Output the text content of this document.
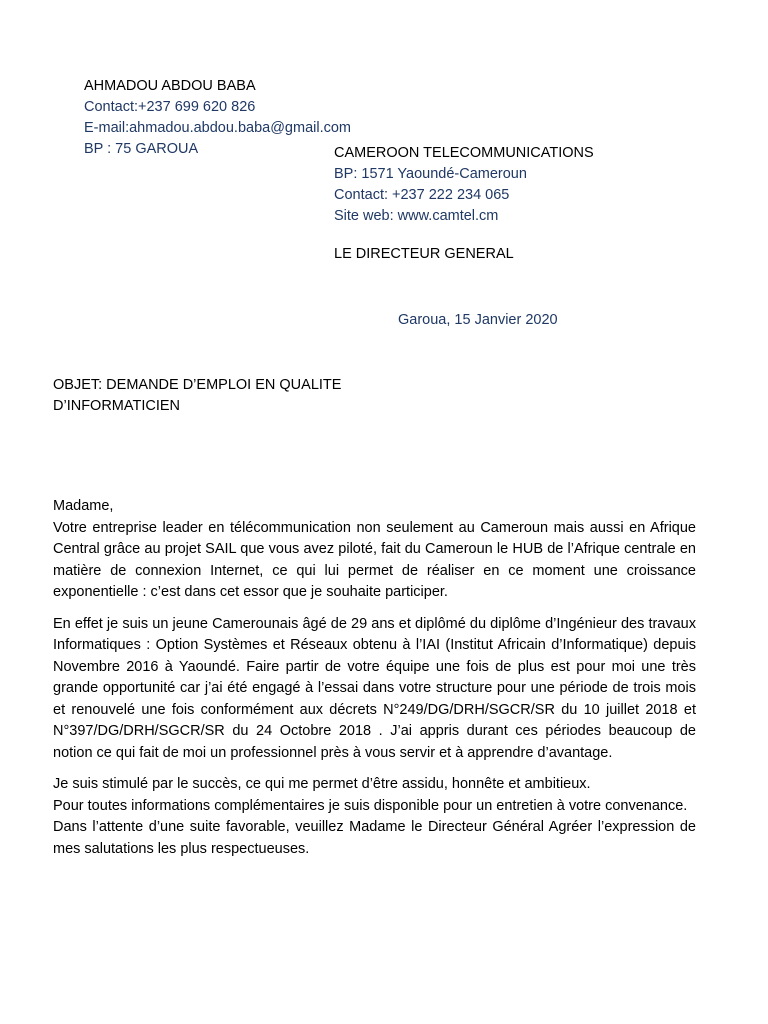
AHMADOU ABDOU BABA
Contact:+237 699 620 826
E-mail:ahmadou.abdou.baba@gmail.com
BP : 75 GAROUA	CAMEROON TELECOMMUNICATIONS
BP: 1571 Yaoundé-Cameroun
Contact: +237 222 234 065
Site web: www.camtel.cm
LE DIRECTEUR GENERAL
Garoua, 15 Janvier 2020
OBJET: DEMANDE D’EMPLOI EN QUALITE
D’INFORMATICIEN

Madame,

Votre entreprise leader en télécommunication non seulement au Cameroun mais aussi en Afrique Central grâce au projet SAIL que vous avez piloté, fait du Cameroun le HUB de l’Afrique centrale en matière de connexion Internet, ce qui lui permet de réaliser en ce moment une croissance exponentielle : c’est dans cet essor que je souhaite participer.

En effet je suis un jeune Camerounais âgé de 29 ans et diplômé du diplôme d’Ingénieur des travaux Informatiques : Option Systèmes et Réseaux obtenu à l’IAI (Institut Africain d’Informatique) depuis Novembre 2016 à Yaoundé. Faire partir de votre équipe une fois de plus est pour moi une très grande opportunité car j’ai été engagé à l’essai dans votre structure pour une période de trois mois et renouvelé une fois conformément aux décrets N°249/DG/DRH/SGCR/SR du 10 juillet 2018 et N°397/DG/DRH/SGCR/SR du 24 Octobre 2018 . J’ai appris durant ces périodes beaucoup de notion ce qui fait de moi un professionnel près à vous servir et à apprendre d’avantage.

Je suis stimulé par le succès, ce qui me permet d’être assidu, honnête et ambitieux.

Pour toutes informations complémentaires je suis disponible pour un entretien à votre convenance.

Dans l’attente d’une suite favorable, veuillez Madame le Directeur Général Agréer l’expression de mes salutations les plus respectueuses.
